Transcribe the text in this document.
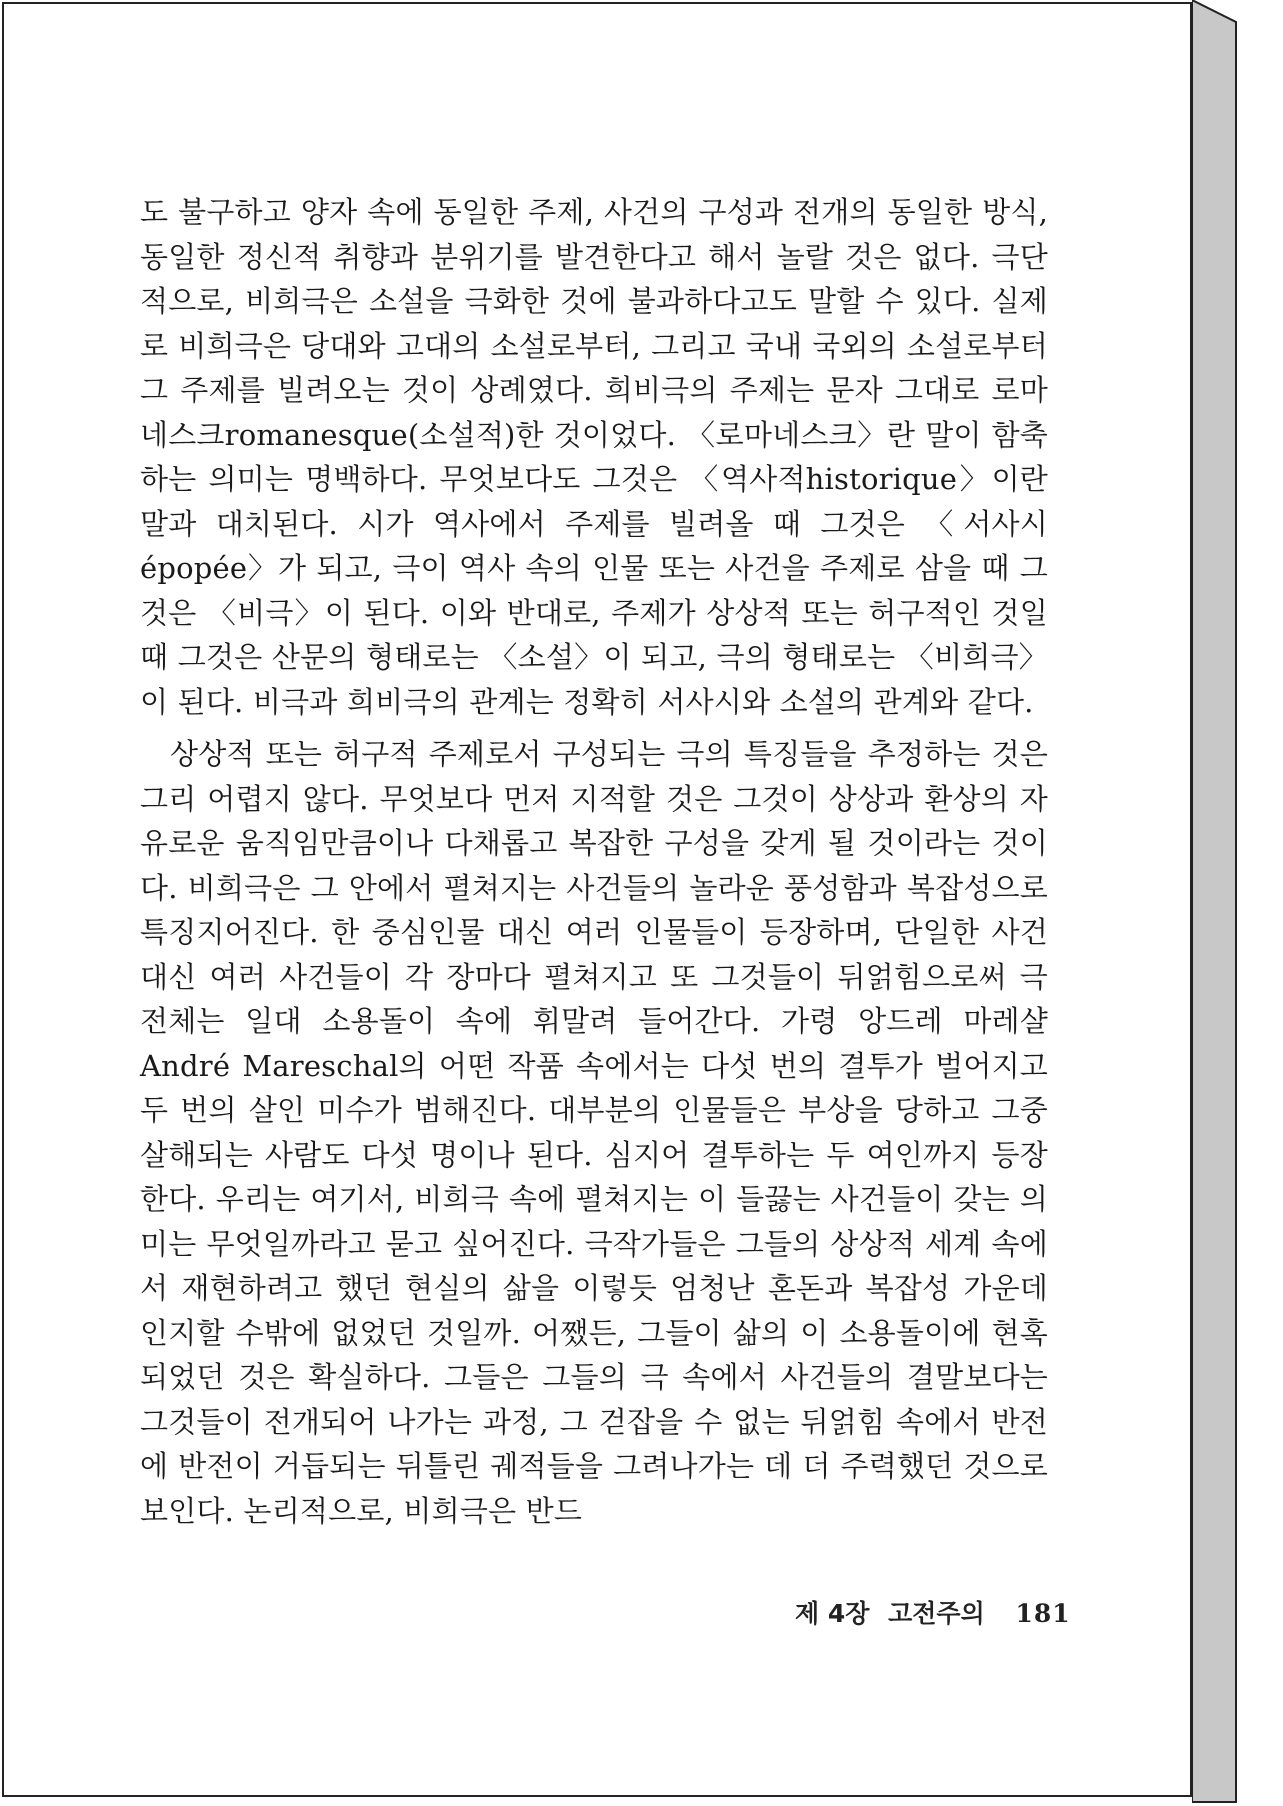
도 불구하고 양자 속에 동일한 주제, 사건의 구성과 전개의 동일한 방식, 동일한 정신적 취향과 분위기를 발견한다고 해서 놀랄 것은 없다. 극단적으로, 비희극은 소설을 극화한 것에 불과하다고도 말할 수 있다. 실제로 비희극은 당대와 고대의 소설로부터, 그리고 국내 국외의 소설로부터 그 주제를 빌려오는 것이 상례였다. 희비극의 주제는 문자 그대로 로마네스크romanesque(소설적)한 것이었다. 〈로마네스크〉란 말이 함축하는 의미는 명백하다. 무엇보다도 그것은 〈역사적historique〉이란 말과 대치된다. 시가 역사에서 주제를 빌려올 때 그것은 〈서사시épopée〉가 되고, 극이 역사 속의 인물 또는 사건을 주제로 삼을 때 그것은 〈비극〉이 된다. 이와 반대로, 주제가 상상적 또는 허구적인 것일 때 그것은 산문의 형태로는 〈소설〉이 되고, 극의 형태로는 〈비희극〉이 된다. 비극과 희비극의 관계는 정확히 서사시와 소설의 관계와 같다.

상상적 또는 허구적 주제로서 구성되는 극의 특징들을 추정하는 것은 그리 어렵지 않다. 무엇보다 먼저 지적할 것은 그것이 상상과 환상의 자유로운 움직임만큼이나 다채롭고 복잡한 구성을 갖게 될 것이라는 것이다. 비희극은 그 안에서 펼쳐지는 사건들의 놀라운 풍성함과 복잡성으로 특징지어진다. 한 중심인물 대신 여러 인물들이 등장하며, 단일한 사건 대신 여러 사건들이 각 장마다 펼쳐지고 또 그것들이 뒤얽힘으로써 극 전체는 일대 소용돌이 속에 휘말려 들어간다. 가령 앙드레 마레샬André Mareschal의 어떤 작품 속에서는 다섯 번의 결투가 벌어지고 두 번의 살인 미수가 범해진다. 대부분의 인물들은 부상을 당하고 그중 살해되는 사람도 다섯 명이나 된다. 심지어 결투하는 두 여인까지 등장한다. 우리는 여기서, 비희극 속에 펼쳐지는 이 들끓는 사건들이 갖는 의미는 무엇일까라고 묻고 싶어진다. 극작가들은 그들의 상상적 세계 속에서 재현하려고 했던 현실의 삶을 이렇듯 엄청난 혼돈과 복잡성 가운데 인지할 수밖에 없었던 것일까. 어쨌든, 그들이 삶의 이 소용돌이에 현혹되었던 것은 확실하다. 그들은 그들의 극 속에서 사건들의 결말보다는 그것들이 전개되어 나가는 과정, 그 걷잡을 수 없는 뒤얽힘 속에서 반전에 반전이 거듭되는 뒤틀린 궤적들을 그려나가는 데 더 주력했던 것으로 보인다. 논리적으로, 비희극은 반드

제 4장 고전주의 181
